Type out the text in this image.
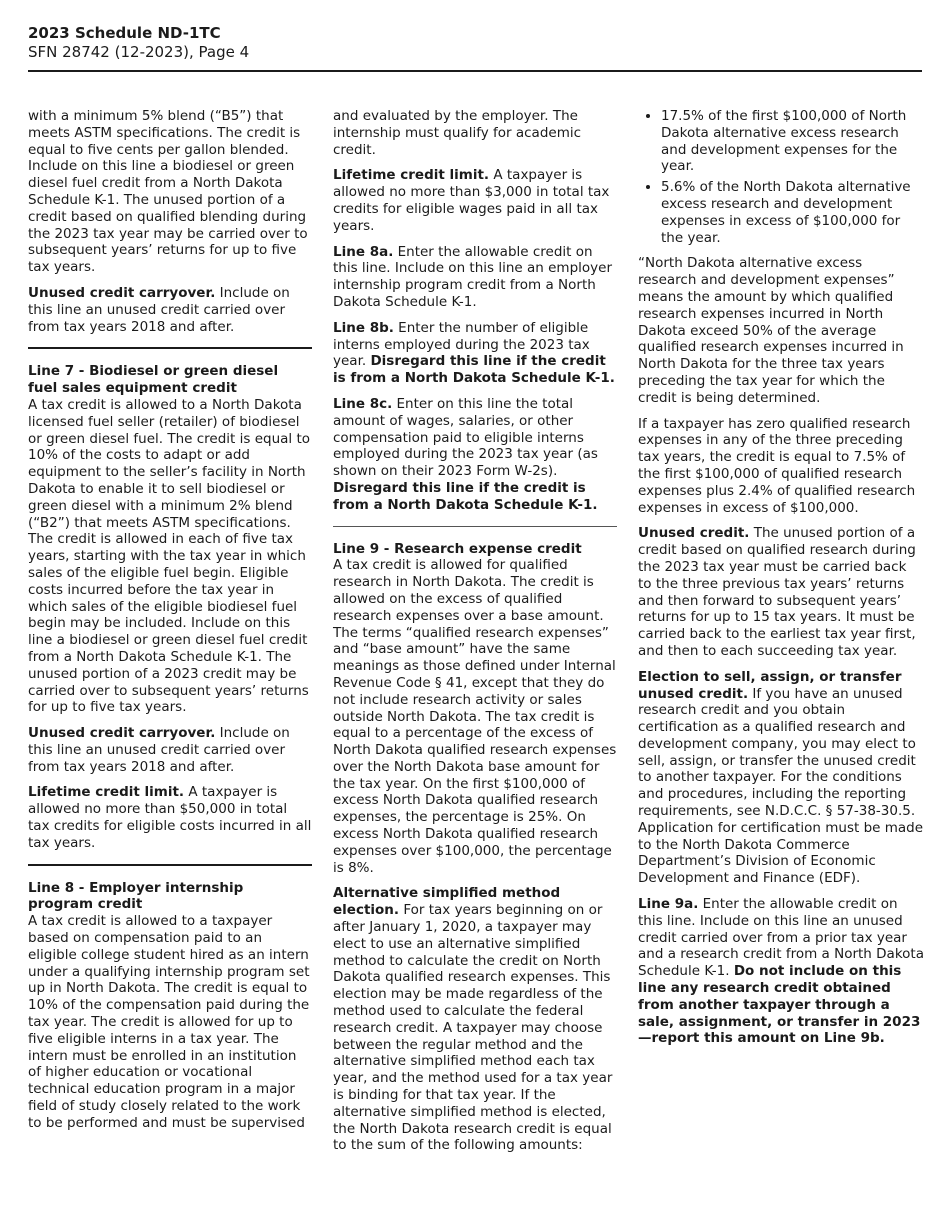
2023 Schedule ND-1TC
SFN 28742 (12-2023), Page 4

with a minimum 5% blend (“B5”) that meets ASTM specifications. The credit is equal to five cents per gallon blended. Include on this line a biodiesel or green diesel fuel credit from a North Dakota Schedule K-1. The unused portion of a credit based on qualified blending during the 2023 tax year may be carried over to subsequent years’ returns for up to five tax years.

Unused credit carryover. Include on this line an unused credit carried over from tax years 2018 and after.

Line 7 - Biodiesel or green diesel fuel sales equipment credit
A tax credit is allowed to a North Dakota licensed fuel seller (retailer) of biodiesel or green diesel fuel. The credit is equal to 10% of the costs to adapt or add equipment to the seller’s facility in North Dakota to enable it to sell biodiesel or green diesel with a minimum 2% blend (“B2”) that meets ASTM specifications. The credit is allowed in each of five tax years, starting with the tax year in which sales of the eligible fuel begin. Eligible costs incurred before the tax year in which sales of the eligible biodiesel fuel begin may be included. Include on this line a biodiesel or green diesel fuel credit from a North Dakota Schedule K-1. The unused portion of a 2023 credit may be carried over to subsequent years’ returns for up to five tax years.

Unused credit carryover. Include on this line an unused credit carried over from tax years 2018 and after.

Lifetime credit limit. A taxpayer is allowed no more than $50,000 in total tax credits for eligible costs incurred in all tax years.

Line 8 - Employer internship program credit
A tax credit is allowed to a taxpayer based on compensation paid to an eligible college student hired as an intern under a qualifying internship program set up in North Dakota. The credit is equal to 10% of the compensation paid during the tax year. The credit is allowed for up to five eligible interns in a tax year. The intern must be enrolled in an institution of higher education or vocational technical education program in a major field of study closely related to the work to be performed and must be supervised

and evaluated by the employer. The internship must qualify for academic credit.

Lifetime credit limit. A taxpayer is allowed no more than $3,000 in total tax credits for eligible wages paid in all tax years.

Line 8a. Enter the allowable credit on this line. Include on this line an employer internship program credit from a North Dakota Schedule K-1.

Line 8b. Enter the number of eligible interns employed during the 2023 tax year. Disregard this line if the credit is from a North Dakota Schedule K-1.

Line 8c. Enter on this line the total amount of wages, salaries, or other compensation paid to eligible interns employed during the 2023 tax year (as shown on their 2023 Form W-2s). Disregard this line if the credit is from a North Dakota Schedule K-1.

Line 9 - Research expense credit
A tax credit is allowed for qualified research in North Dakota. The credit is allowed on the excess of qualified research expenses over a base amount. The terms “qualified research expenses” and “base amount” have the same meanings as those defined under Internal Revenue Code § 41, except that they do not include research activity or sales outside North Dakota. The tax credit is equal to a percentage of the excess of North Dakota qualified research expenses over the North Dakota base amount for the tax year. On the first $100,000 of excess North Dakota qualified research expenses, the percentage is 25%. On excess North Dakota qualified research expenses over $100,000, the percentage is 8%.

Alternative simplified method election. For tax years beginning on or after January 1, 2020, a taxpayer may elect to use an alternative simplified method to calculate the credit on North Dakota qualified research expenses. This election may be made regardless of the method used to calculate the federal research credit. A taxpayer may choose between the regular method and the alternative simplified method each tax year, and the method used for a tax year is binding for that tax year. If the alternative simplified method is elected, the North Dakota research credit is equal to the sum of the following amounts:

• 17.5% of the first $100,000 of North Dakota alternative excess research and development expenses for the year.
• 5.6% of the North Dakota alternative excess research and development expenses in excess of $100,000 for the year.

“North Dakota alternative excess research and development expenses” means the amount by which qualified research expenses incurred in North Dakota exceed 50% of the average qualified research expenses incurred in North Dakota for the three tax years preceding the tax year for which the credit is being determined.

If a taxpayer has zero qualified research expenses in any of the three preceding tax years, the credit is equal to 7.5% of the first $100,000 of qualified research expenses plus 2.4% of qualified research expenses in excess of $100,000.

Unused credit. The unused portion of a credit based on qualified research during the 2023 tax year must be carried back to the three previous tax years’ returns and then forward to subsequent years’ returns for up to 15 tax years. It must be carried back to the earliest tax year first, and then to each succeeding tax year.

Election to sell, assign, or transfer unused credit. If you have an unused research credit and you obtain certification as a qualified research and development company, you may elect to sell, assign, or transfer the unused credit to another taxpayer. For the conditions and procedures, including the reporting requirements, see N.D.C.C. § 57-38-30.5. Application for certification must be made to the North Dakota Commerce Department’s Division of Economic Development and Finance (EDF).

Line 9a. Enter the allowable credit on this line. Include on this line an unused credit carried over from a prior tax year and a research credit from a North Dakota Schedule K-1. Do not include on this line any research credit obtained from another taxpayer through a sale, assignment, or transfer in 2023—report this amount on Line 9b.
